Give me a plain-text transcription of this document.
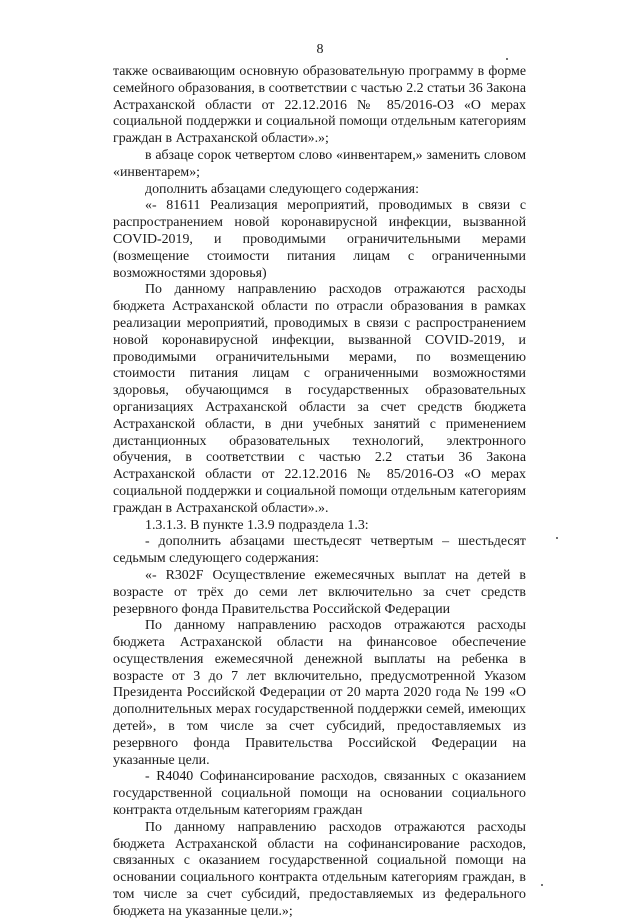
8

также осваивающим основную образовательную программу в форме семейного образования, в соответствии с частью 2.2 статьи 36 Закона Астраханской области от 22.12.2016 № 85/2016-ОЗ «О мерах социальной поддержки и социальной помощи отдельным категориям граждан в Астраханской области».»;

в абзаце сорок четвертом слово «инвентарем,» заменить словом «инвентарем»;

дополнить абзацами следующего содержания:

«- 81611 Реализация мероприятий, проводимых в связи с распространением новой коронавирусной инфекции, вызванной COVID-2019, и проводимыми ограничительными мерами (возмещение стоимости питания лицам с ограниченными возможностями здоровья)

По данному направлению расходов отражаются расходы бюджета Астраханской области по отрасли образования в рамках реализации мероприятий, проводимых в связи с распространением новой коронавирусной инфекции, вызванной COVID-2019, и проводимыми ограничительными мерами, по возмещению стоимости питания лицам с ограниченными возможностями здоровья, обучающимся в государственных образовательных организациях Астраханской области за счет средств бюджета Астраханской области, в дни учебных занятий с применением дистанционных образовательных технологий, электронного обучения, в соответствии с частью 2.2 статьи 36 Закона Астраханской области от 22.12.2016 № 85/2016-ОЗ «О мерах социальной поддержки и социальной помощи отдельным категориям граждан в Астраханской области».».

1.3.1.3. В пункте 1.3.9 подраздела 1.3:

- дополнить абзацами шестьдесят четвертым – шестьдесят седьмым следующего содержания:

«- R302F Осуществление ежемесячных выплат на детей в возрасте от трёх до семи лет включительно за счет средств резервного фонда Правительства Российской Федерации

По данному направлению расходов отражаются расходы бюджета Астраханской области на финансовое обеспечение осуществления ежемесячной денежной выплаты на ребенка в возрасте от 3 до 7 лет включительно, предусмотренной Указом Президента Российской Федерации от 20 марта 2020 года № 199 «О дополнительных мерах государственной поддержки семей, имеющих детей», в том числе за счет субсидий, предоставляемых из резервного фонда Правительства Российской Федерации на указанные цели.

- R4040 Софинансирование расходов, связанных с оказанием государственной социальной помощи на основании социального контракта отдельным категориям граждан

По данному направлению расходов отражаются расходы бюджета Астраханской области на софинансирование расходов, связанных с оказанием государственной социальной помощи на основании социального контракта отдельным категориям граждан, в том числе за счет субсидий, предоставляемых из федерального бюджета на указанные цели.»;
